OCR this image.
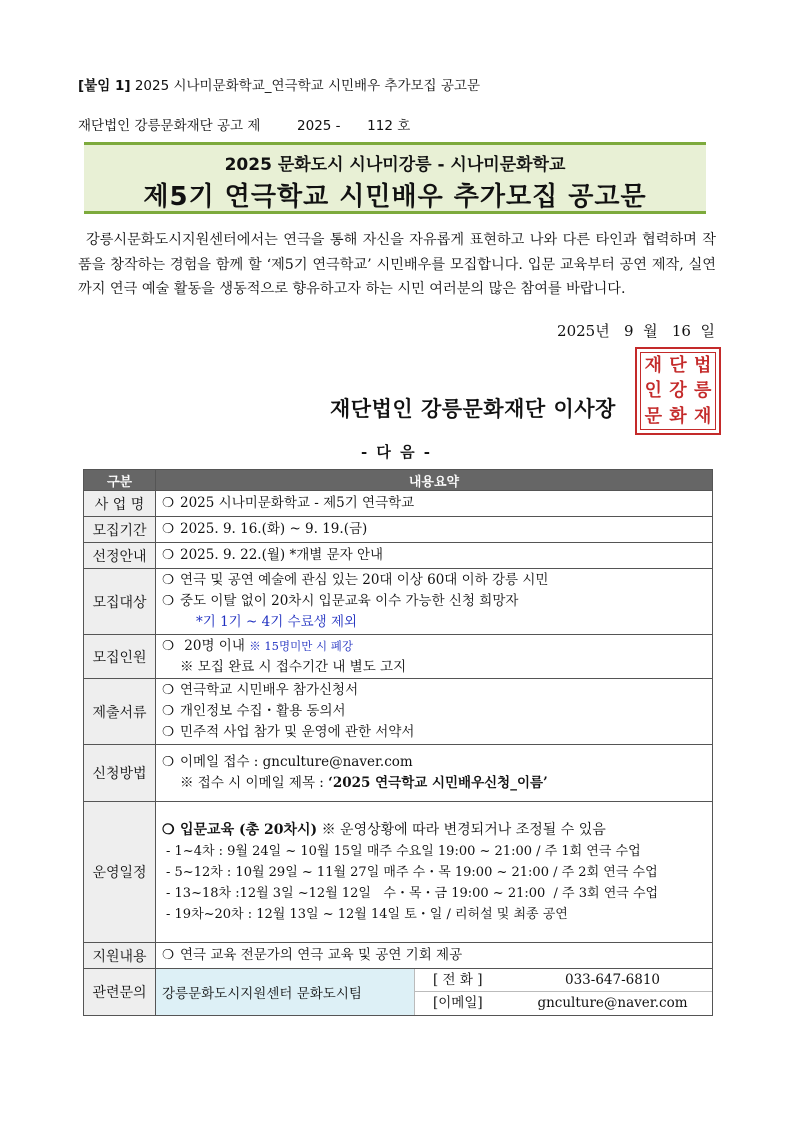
[붙임 1] 2025 시나미문화학교_연극학교 시민배우 추가모집 공고문
재단법인 강릉문화재단 공고 제	2025 - 112 호
2025 문화도시 시나미강릉 - 시나미문화학교
제5기 연극학교 시민배우 추가모집 공고문
강릉시문화도시지원센터에서는 연극을 통해 자신을 자유롭게 표현하고 나와 다른 타인과 협력하며 작품을 창작하는 경험을 함께 할 ‘제5기 연극학교’ 시민배우를 모집합니다. 입문 교육부터 공연 제작, 실연까지 연극 예술 활동을 생동적으로 향유하고자 하는 시민 여러분의 많은 참여를 바랍니다.
2025년   9  월   16  일
재단법인 강릉문화재단 이사장
재 단 법
인 강 릉
문 화 재
- 다 음 -
구분	내용요약
사 업 명	❍ 2025 시나미문화학교 - 제5기 연극학교

모집기간	❍ 2025. 9. 16.(화) ~ 9. 19.(금)

선정안내	❍ 2025. 9. 22.(월) *개별 문자 안내

모집대상	❍ 연극 및 공연 예술에 관심 있는 20대 이상 60대 이하 강릉 시민
❍ 중도 이탈 없이 20차시 입문교육 이수 가능한 신청 희망자
*기 1기 ~ 4기 수료생 제외

모집인원	❍ 20명 이내 ※ 15명미만 시 폐강
※ 모집 완료 시 접수기간 내 별도 고지

제출서류	❍ 연극학교 시민배우 참가신청서
❍ 개인정보 수집・활용 동의서
❍ 민주적 사업 참가 및 운영에 관한 서약서

신청방법	❍ 이메일 접수 : gnculture@naver.com
※ 접수 시 이메일 제목 : ‘2025 연극학교 시민배우신청_이름’

운영일정	❍ 입문교육 (총 20차시) ※ 운영상황에 따라 변경되거나 조정될 수 있음
- 1~4차 : 9월 24일 ~ 10월 15일 매주 수요일 19:00 ~ 21:00 / 주 1회 연극 수업
- 5~12차 : 10월 29일 ~ 11월 27일 매주 수・목 19:00 ~ 21:00 / 주 2회 연극 수업
- 13~18차 :12월 3일 ~12월 12일   수・목・금 19:00 ~ 21:00  / 주 3회 연극 수업
- 19차~20차 : 12월 13일 ~ 12월 14일 토・일 / 리허설 및 최종 공연

지원내용	❍ 연극 교육 전문가의 연극 교육 및 공연 기회 제공

관련문의	강릉문화도시지원센터 문화도시팀
[ 전 화 ] 033-647-6810
[이메일] gnculture@naver.com
